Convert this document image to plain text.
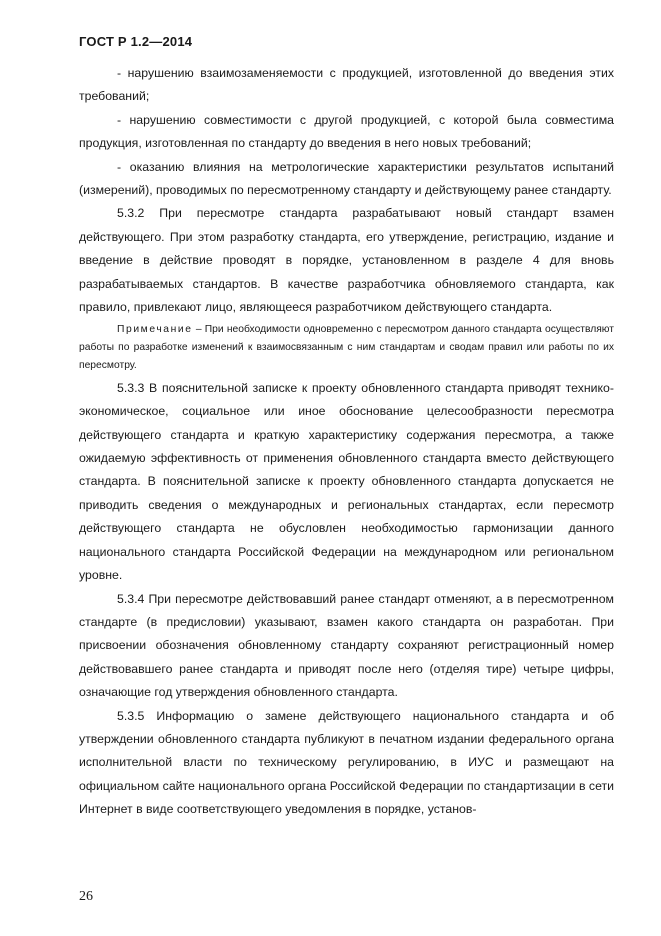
ГОСТ Р 1.2—2014

- нарушению взаимозаменяемости с продукцией, изготовленной до введения этих требований;

- нарушению совместимости с другой продукцией, с которой была совместима продукция, изготовленная по стандарту до введения в него новых требований;

- оказанию влияния на метрологические характеристики результатов испытаний (измерений), проводимых по пересмотренному стандарту и действующему ранее стандарту.

5.3.2 При пересмотре стандарта разрабатывают новый стандарт взамен действующего. При этом разработку стандарта, его утверждение, регистрацию, издание и введение в действие проводят в порядке, установленном в разделе 4 для вновь разрабатываемых стандартов. В качестве разработчика обновляемого стандарта, как правило, привлекают лицо, являющееся разработчиком действующего стандарта.

Примечание – При необходимости одновременно с пересмотром данного стандарта осуществляют работы по разработке изменений к взаимосвязанным с ним стандартам и сводам правил или работы по их пересмотру.

5.3.3 В пояснительной записке к проекту обновленного стандарта приводят технико-экономическое, социальное или иное обоснование целесообразности пересмотра действующего стандарта и краткую характеристику содержания пересмотра, а также ожидаемую эффективность от применения обновленного стандарта вместо действующего стандарта. В пояснительной записке к проекту обновленного стандарта допускается не приводить сведения о международных и региональных стандартах, если пересмотр действующего стандарта не обусловлен необходимостью гармонизации данного национального стандарта Российской Федерации на международном или региональном уровне.

5.3.4 При пересмотре действовавший ранее стандарт отменяют, а в пересмотренном стандарте (в предисловии) указывают, взамен какого стандарта он разработан. При присвоении обозначения обновленному стандарту сохраняют регистрационный номер действовавшего ранее стандарта и приводят после него (отделяя тире) четыре цифры, означающие год утверждения обновленного стандарта.

5.3.5 Информацию о замене действующего национального стандарта и об утверждении обновленного стандарта публикуют в печатном издании федерального органа исполнительной власти по техническому регулированию, в ИУС и размещают на официальном сайте национального органа Российской Федерации по стандартизации в сети Интернет в виде соответствующего уведомления в порядке, установ-

26
